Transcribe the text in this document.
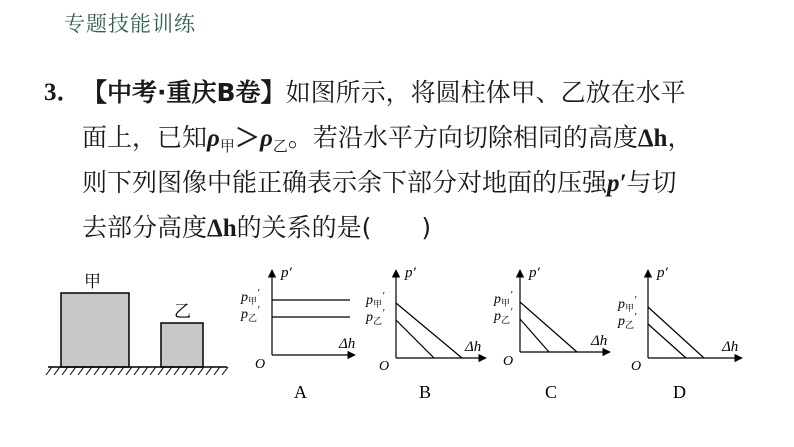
专题技能训练
3． 【中考·重庆B卷】如图所示，将圆柱体甲、乙放在水平
面上，已知$\rho_甲>\rho_乙$。若沿水平方向切除相同的高度Δh，
则下列图像中能正确表示余下部分对地面的压强p′与切
去部分高度Δh的关系的是(　　)
甲
乙
p′
Δh
O
$p_甲'$
$p_乙'$
A
p′
Δh
O
$p_甲'$
$p_乙'$
B
p′
Δh
O
$p_甲'$
$p_乙'$
C
p′
Δh
O
$p_甲'$
$p_乙'$
D
